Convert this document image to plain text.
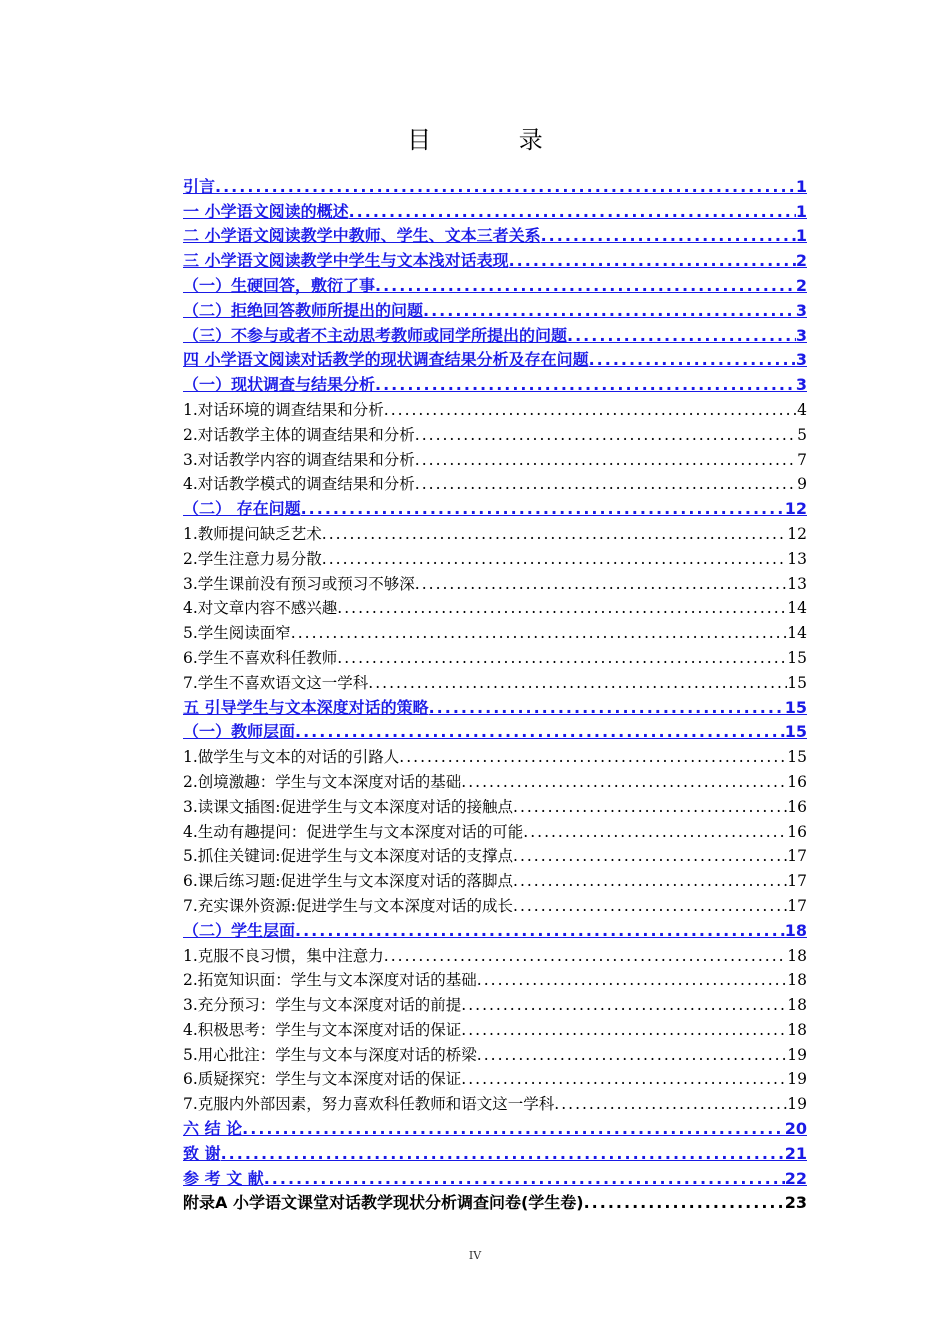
目 录
引言 .....	1
一 小学语文阅读的概述 .....	1
二 小学语文阅读教学中教师、学生、文本三者关系 .....	1
三 小学语文阅读教学中学生与文本浅对话表现 .....	2
（一）生硬回答，敷衍了事 .....	2
（二）拒绝回答教师所提出的问题 .....	3
（三）不参与或者不主动思考教师或同学所提出的问题 .....	3
四 小学语文阅读对话教学的现状调查结果分析及存在问题 .....	3
（一）现状调查与结果分析 .....	3
1.对话环境的调查结果和分析 .....	4
2.对话教学主体的调查结果和分析 .....	5
3.对话教学内容的调查结果和分析 .....	7
4.对话教学模式的调查结果和分析 .....	9
（二） 存在问题 .....	12
1.教师提问缺乏艺术 .....	12
2.学生注意力易分散 .....	13
3.学生课前没有预习或预习不够深 .....	13
4.对文章内容不感兴趣 .....	14
5.学生阅读面窄 .....	14
6.学生不喜欢科任教师 .....	15
7.学生不喜欢语文这一学科 .....	15
五 引导学生与文本深度对话的策略 .....	15
（一）教师层面 .....	15
1.做学生与文本的对话的引路人 .....	15
2.创境激趣：学生与文本深度对话的基础 .....	16
3.读课文插图:促进学生与文本深度对话的接触点 .....	16
4.生动有趣提问：促进学生与文本深度对话的可能 .....	16
5.抓住关键词:促进学生与文本深度对话的支撑点 .....	17
6.课后练习题:促进学生与文本深度对话的落脚点 .....	17
7.充实课外资源:促进学生与文本深度对话的成长 .....	17
（二）学生层面 .....	18
1.克服不良习惯，集中注意力 .....	18
2.拓宽知识面：学生与文本深度对话的基础 .....	18
3.充分预习：学生与文本深度对话的前提 .....	18
4.积极思考：学生与文本深度对话的保证 .....	18
5.用心批注：学生与文本与深度对话的桥梁 .....	19
6.质疑探究：学生与文本深度对话的保证 .....	19
7.克服内外部因素，努力喜欢科任教师和语文这一学科 .....	19
六 结 论 .....	20
致 谢 .....	21
参 考 文 献 .....	22
附录A 小学语文课堂对话教学现状分析调查问卷(学生卷) .....	23
IV
